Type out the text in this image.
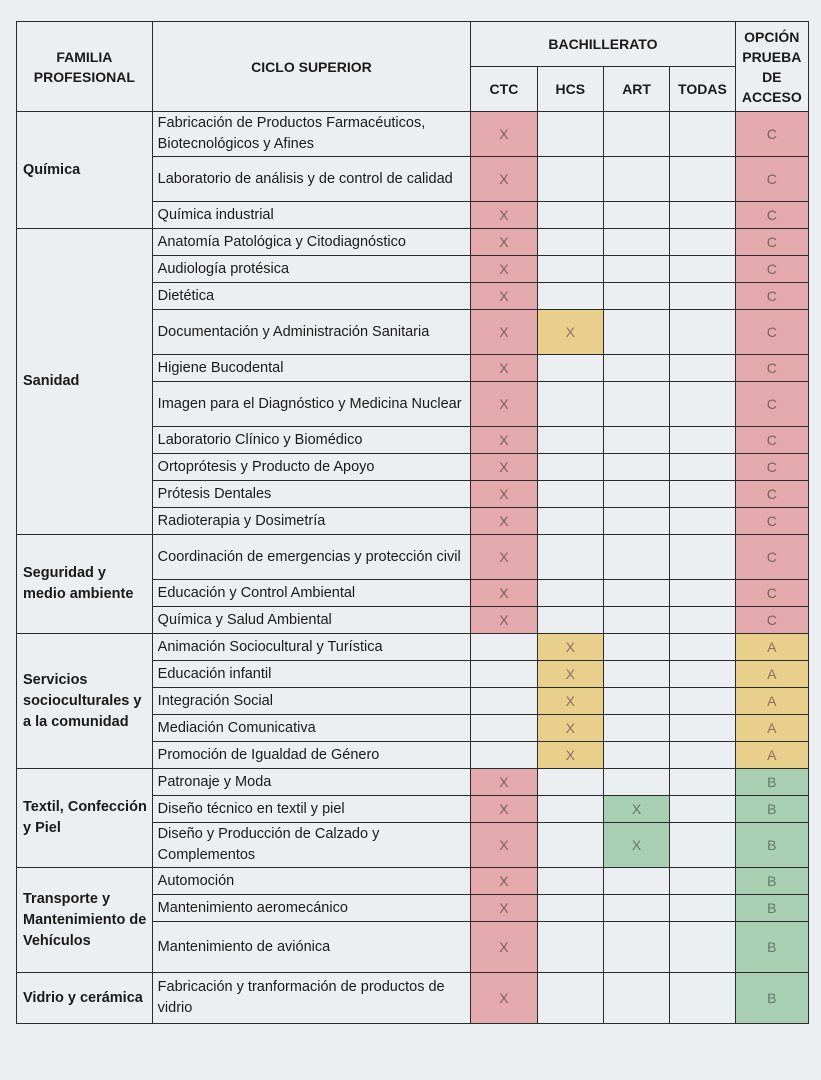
FAMILIA PROFESIONAL	CICLO SUPERIOR	BACHILLERATO				OPCIÓN PRUEBA DE ACCESO
		CTC	HCS	ART	TODAS	
Química	Fabricación de Productos Farmacéuticos, Biotecnológicos y Afines	X				C
	Laboratorio de análisis y de control de calidad	X				C
	Química industrial	X				C
Sanidad	Anatomía Patológica y Citodiagnóstico	X				C
	Audiología protésica	X				C
	Dietética	X				C
	Documentación y Administración Sanitaria	X	X			C
	Higiene Bucodental	X				C
	Imagen para el Diagnóstico y Medicina Nuclear	X				C
	Laboratorio Clínico y Biomédico	X				C
	Ortoprótesis y Producto de Apoyo	X				C
	Prótesis Dentales	X				C
	Radioterapia y Dosimetría	X				C
Seguridad y medio ambiente	Coordinación de emergencias y protección civil	X				C
	Educación y Control Ambiental	X				C
	Química y Salud Ambiental	X				C
Servicios socioculturales y a la comunidad	Animación Sociocultural y Turística		X			A
	Educación infantil		X			A
	Integración Social		X			A
	Mediación Comunicativa		X			A
	Promoción de Igualdad de Género		X			A
Textil, Confección y Piel	Patronaje y Moda	X				B
	Diseño técnico en textil y piel	X		X		B
	Diseño y Producción de Calzado y Complementos	X		X		B
Transporte y Mantenimiento de Vehículos	Automoción	X				B
	Mantenimiento aeromecánico	X				B
	Mantenimiento de aviónica	X				B
Vidrio y cerámica	Fabricación y tranformación de productos de vidrio	X				B
